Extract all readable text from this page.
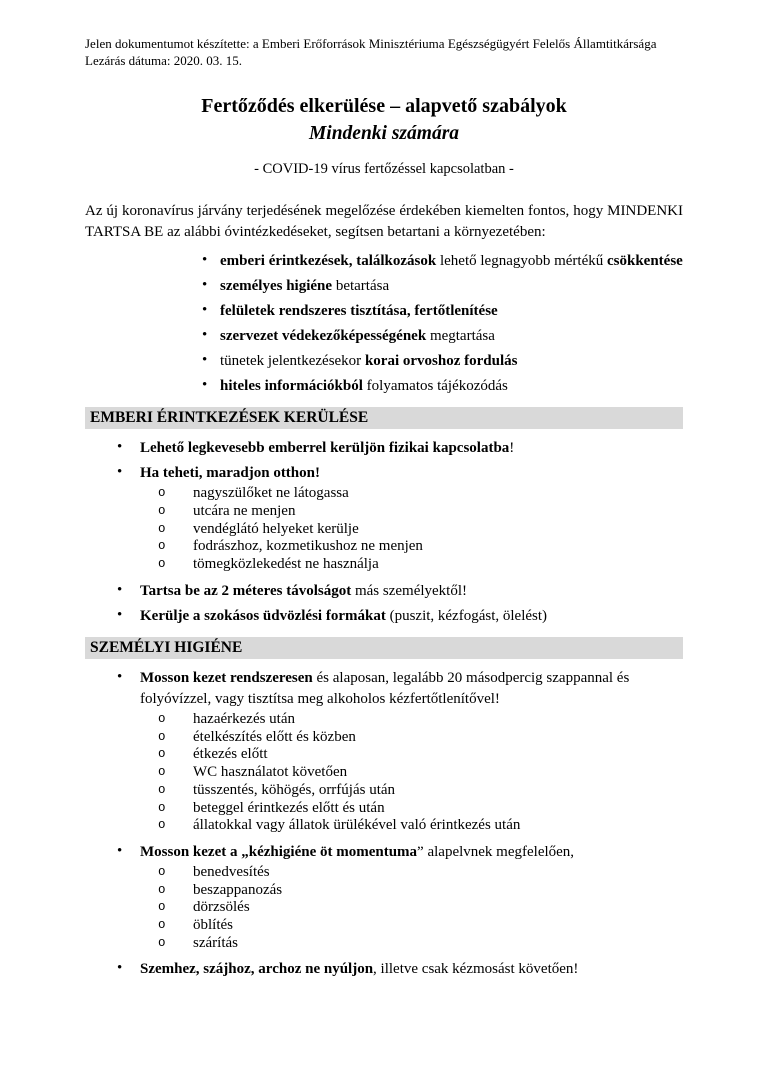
Jelen dokumentumot készítette: a Emberi Erőforrások Minisztériuma Egészségügyért Felelős Államtitkársága
Lezárás dátuma: 2020. 03. 15.
Fertőződés elkerülése – alapvető szabályok
Mindenki számára
- COVID-19 vírus fertőzéssel kapcsolatban -

Az új koronavírus járvány terjedésének megelőzése érdekében kiemelten fontos, hogy MINDENKI TARTSA BE az alábbi óvintézkedéseket, segítsen betartani a környezetében:

• emberi érintkezések, találkozások lehető legnagyobb mértékű csökkentése
• személyes higiéne betartása
• felületek rendszeres tisztítása, fertőtlenítése
• szervezet védekezőképességének megtartása
• tünetek jelentkezésekor korai orvoshoz fordulás
• hiteles információkból folyamatos tájékozódás
EMBERI ÉRINTKEZÉSEK KERÜLÉSE
• Lehető legkevesebb emberrel kerüljön fizikai kapcsolatba!
• Ha teheti, maradjon otthon!
o nagyszülőket ne látogassa
o utcára ne menjen
o vendéglátó helyeket kerülje
o fodrászhoz, kozmetikushoz ne menjen
o tömegközlekedést ne használja
• Tartsa be az 2 méteres távolságot más személyektől!
• Kerülje a szokásos üdvözlési formákat (puszit, kézfogást, ölelést)
SZEMÉLYI HIGIÉNE
• Mosson kezet rendszeresen és alaposan, legalább 20 másodpercig szappannal és folyóvízzel, vagy tisztítsa meg alkoholos kézfertőtlenítővel!
o hazaérkezés után
o ételkészítés előtt és közben
o étkezés előtt
o WC használatot követően
o tüsszentés, köhögés, orrfújás után
o beteggel érintkezés előtt és után
o állatokkal vagy állatok ürülékével való érintkezés után
• Mosson kezet a „kézhigiéne öt momentuma” alapelvnek megfelelően,
o benedvesítés
o beszappanozás
o dörzsölés
o öblítés
o szárítás
• Szemhez, szájhoz, archoz ne nyúljon, illetve csak kézmosást követően!
